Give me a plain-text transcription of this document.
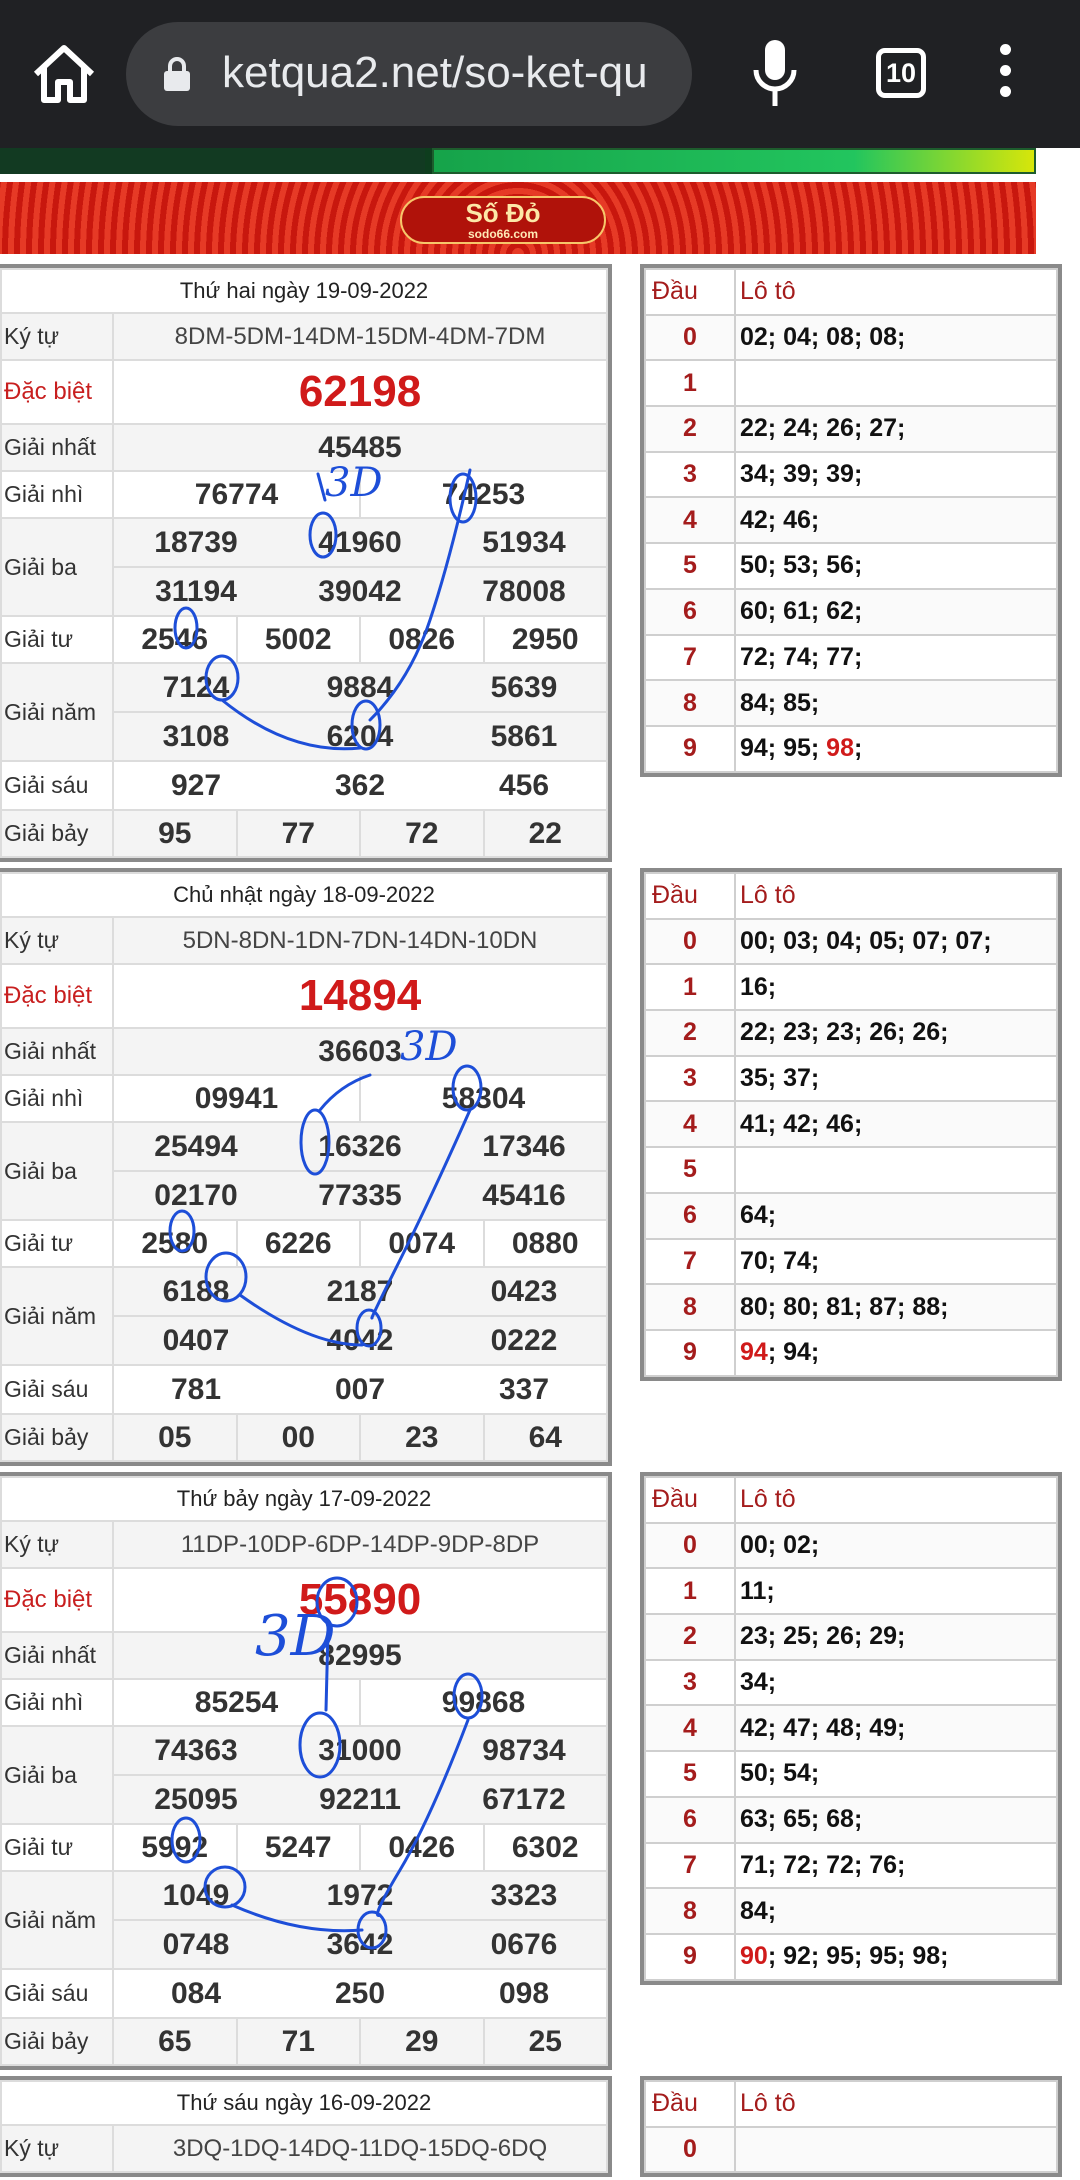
ketqua2.net/so-ket-qu	10
Số Đỏ
sodo66.com
Thứ hai ngày 19-09-2022
Ký tự	8DM-5DM-14DM-15DM-4DM-7DM
Đặc biệt	62198
Giải nhất	45485
Giải nhì	76774	74253
Giải ba	
18739	41960	51934

31194	39042	78008

Giải tư	2546	5002	0826	2950
Giải năm	
7124	9884	5639

3108	6204	5861

Giải sáu		927	362	456

Giải bảy	95	77	72	22
Đầu	Lô tô
0	02; 04; 08; 08;
1	
2	22; 24; 26; 27;
3	34; 39; 39;
4	42; 46;
5	50; 53; 56;
6	60; 61; 62;
7	72; 74; 77;
8	84; 85;
9	94; 95; 98;
Chủ nhật ngày 18-09-2022
Ký tự	5DN-8DN-1DN-7DN-14DN-10DN
Đặc biệt	14894
Giải nhất	36603
Giải nhì	09941	58304
Giải ba	
25494	16326	17346

02170	77335	45416

Giải tư	2580	6226	0074	0880
Giải năm	
6188	2187	0423

0407	4042	0222

Giải sáu		781	007	337

Giải bảy	05	00	23	64
Đầu	Lô tô
0	00; 03; 04; 05; 07; 07;
1	16;
2	22; 23; 23; 26; 26;
3	35; 37;
4	41; 42; 46;
5	
6	64;
7	70; 74;
8	80; 80; 81; 87; 88;
9	94; 94;
Thứ bảy ngày 17-09-2022
Ký tự	11DP-10DP-6DP-14DP-9DP-8DP
Đặc biệt	55890
Giải nhất	82995
Giải nhì	85254	99868
Giải ba	
74363	31000	98734

25095	92211	67172

Giải tư	5992	5247	0426	6302
Giải năm	
1049	1972	3323

0748	3642	0676

Giải sáu		084	250	098

Giải bảy	65	71	29	25
Đầu	Lô tô
0	00; 02;
1	11;
2	23; 25; 26; 29;
3	34;
4	42; 47; 48; 49;
5	50; 54;
6	63; 65; 68;
7	71; 72; 72; 76;
8	84;
9	90; 92; 95; 95; 98;
Thứ sáu ngày 16-09-2022
Ký tự	3DQ-1DQ-14DQ-11DQ-15DQ-6DQ
Đầu	Lô tô
0	
3D
3D
3D
